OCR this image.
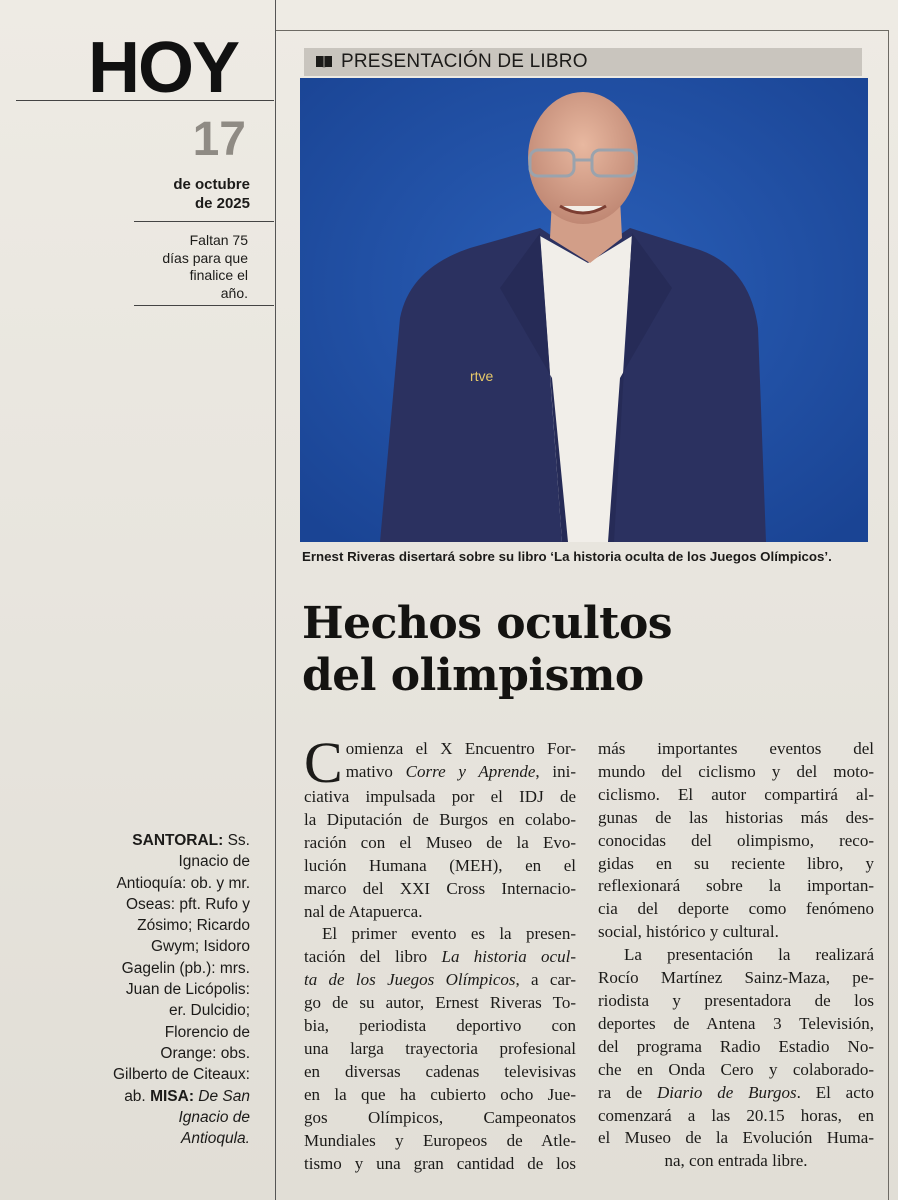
HOY
17
de octubre
de 2025
Faltan 75
días para que
finalice el
año.
SANTORAL: Ss.
Ignacio de
Antioquía: ob. y mr.
Oseas: pft. Rufo y
Zósimo; Ricardo
Gwym; Isidoro
Gagelin (pb.): mrs.
Juan de Licópolis:
er. Dulcidio;
Florencio de
Orange: obs.
Gilberto de Citeaux:
ab. MISA: De San
Ignacio de
Antioqula.
PRESENTACIÓN DE LIBRO
rtve
Ernest Riveras disertará sobre su libro ‘La historia oculta de los Juegos Olímpicos’.
Hechos ocultos
del olimpismo
C omienza el X Encuentro For-
mativo Corre y Aprende, ini-
ciativa impulsada por el IDJ de
la Diputación de Burgos en colabo-
ración con el Museo de la Evo-
lución Humana (MEH), en el
marco del XXI Cross Internacio-
nal de Atapuerca.
El primer evento es la presen-
tación del libro La historia ocul-
ta de los Juegos Olímpicos, a car-
go de su autor, Ernest Riveras To-
bia, periodista deportivo con
una larga trayectoria profesional
en diversas cadenas televisivas
en la que ha cubierto ocho Jue-
gos Olímpicos, Campeonatos
Mundiales y Europeos de Atle-
tismo y una gran cantidad de los
más importantes eventos del
mundo del ciclismo y del moto-
ciclismo. El autor compartirá al-
gunas de las historias más des-
conocidas del olimpismo, reco-
gidas en su reciente libro, y
reflexionará sobre la importan-
cia del deporte como fenómeno
social, histórico y cultural.
La presentación la realizará
Rocío Martínez Sainz-Maza, pe-
riodista y presentadora de los
deportes de Antena 3 Televisión,
del programa Radio Estadio No-
che en Onda Cero y colaborado-
ra de Diario de Burgos. El acto
comenzará a las 20.15 horas, en
el Museo de la Evolución Huma-
na, con entrada libre.
